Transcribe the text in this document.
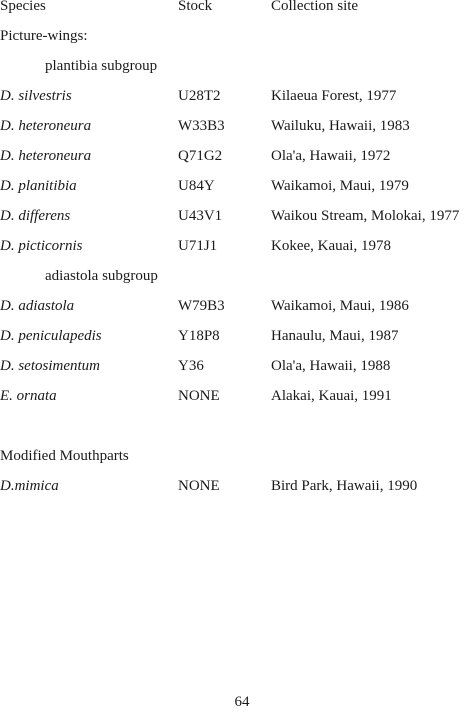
Species	Stock	Collection site
Picture-wings:
plantibia subgroup
D. silvestris	U28T2	Kilaeua Forest, 1977
D. heteroneura	W33B3	Wailuku, Hawaii, 1983
D. heteroneura	Q71G2	Ola'a, Hawaii, 1972
D. planitibia	U84Y	Waikamoi, Maui, 1979
D. differens	U43V1	Waikou Stream, Molokai, 1977
D. picticornis	U71J1	Kokee, Kauai, 1978
adiastola subgroup
D. adiastola	W79B3	Waikamoi, Maui, 1986
D. peniculapedis	Y18P8	Hanaulu, Maui, 1987
D. setosimentum	Y36	Ola'a, Hawaii, 1988
E. ornata	NONE	Alakai, Kauai, 1991
Modified Mouthparts
D.mimica	NONE	Bird Park, Hawaii, 1990
64
